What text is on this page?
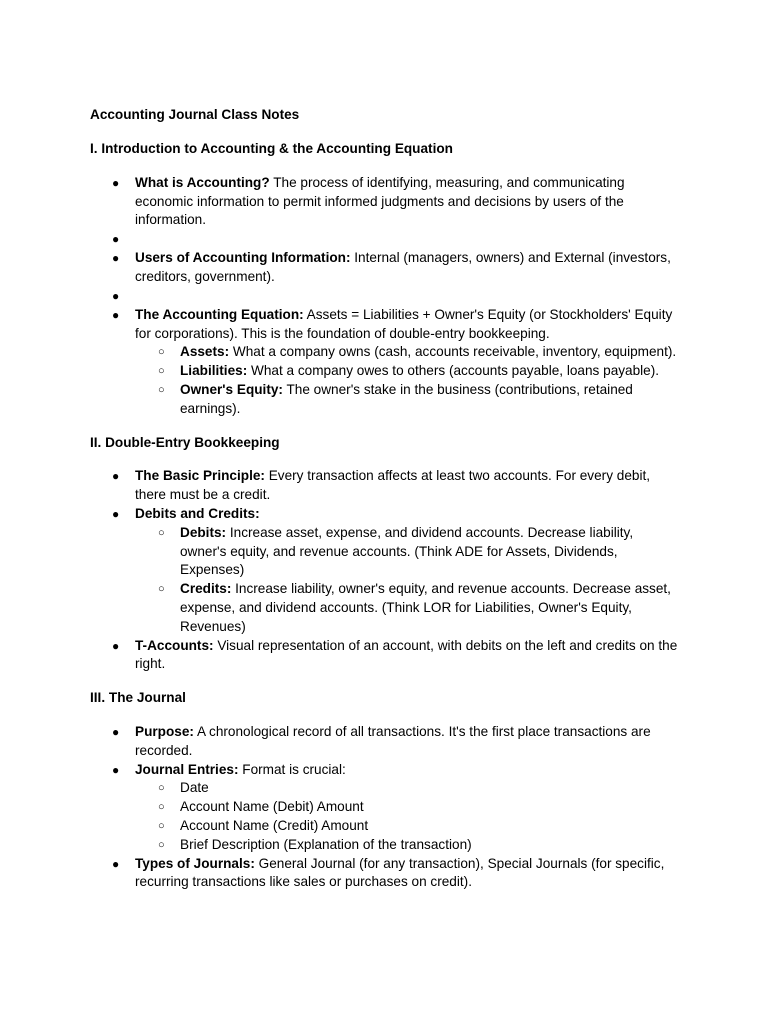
Accounting Journal Class Notes

I. Introduction to Accounting & the Accounting Equation

● What is Accounting? The process of identifying, measuring, and communicating economic information to permit informed judgments and decisions by users of the information.
●
● Users of Accounting Information: Internal (managers, owners) and External (investors, creditors, government).
●
● The Accounting Equation: Assets = Liabilities + Owner's Equity (or Stockholders' Equity for corporations). This is the foundation of double-entry bookkeeping.
○ Assets: What a company owns (cash, accounts receivable, inventory, equipment).
○ Liabilities: What a company owes to others (accounts payable, loans payable).
○ Owner's Equity: The owner's stake in the business (contributions, retained earnings).

II. Double-Entry Bookkeeping

● The Basic Principle: Every transaction affects at least two accounts. For every debit, there must be a credit.
● Debits and Credits:
○ Debits: Increase asset, expense, and dividend accounts. Decrease liability, owner's equity, and revenue accounts. (Think ADE for Assets, Dividends, Expenses)
○ Credits: Increase liability, owner's equity, and revenue accounts. Decrease asset, expense, and dividend accounts. (Think LOR for Liabilities, Owner's Equity, Revenues)
● T-Accounts: Visual representation of an account, with debits on the left and credits on the right.

III. The Journal

● Purpose: A chronological record of all transactions. It's the first place transactions are recorded.
● Journal Entries: Format is crucial:
○ Date
○ Account Name (Debit) Amount
○ Account Name (Credit) Amount
○ Brief Description (Explanation of the transaction)
● Types of Journals: General Journal (for any transaction), Special Journals (for specific, recurring transactions like sales or purchases on credit).
